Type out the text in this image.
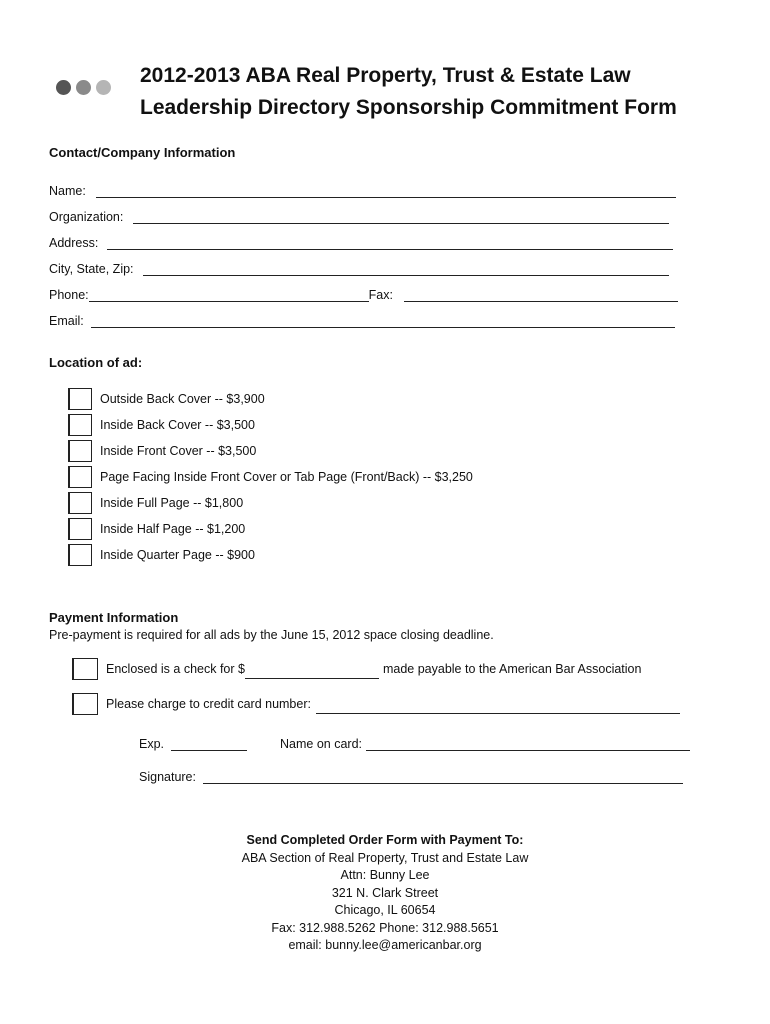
2012-2013 ABA Real Property, Trust & Estate Law
Leadership Directory Sponsorship Commitment Form
Contact/Company Information
Name:
Organization:
Address:
City, State, Zip:
Phone:	Fax:
Email:
Location of ad:
Outside Back Cover -- $3,900
Inside Back Cover -- $3,500
Inside Front Cover -- $3,500
Page Facing Inside Front Cover or Tab Page (Front/Back) -- $3,250
Inside Full Page -- $1,800
Inside Half Page -- $1,200
Inside Quarter Page -- $900
Payment Information
Pre-payment is required for all ads by the June 15, 2012 space closing deadline.
Enclosed is a check for $	made payable to the American Bar Association
Please charge to credit card number:
Exp.	Name on card:
Signature:
Send Completed Order Form with Payment To:
ABA Section of Real Property, Trust and Estate Law
Attn: Bunny Lee
321 N. Clark Street
Chicago, IL 60654
Fax: 312.988.5262 Phone: 312.988.5651
email: bunny.lee@americanbar.org
